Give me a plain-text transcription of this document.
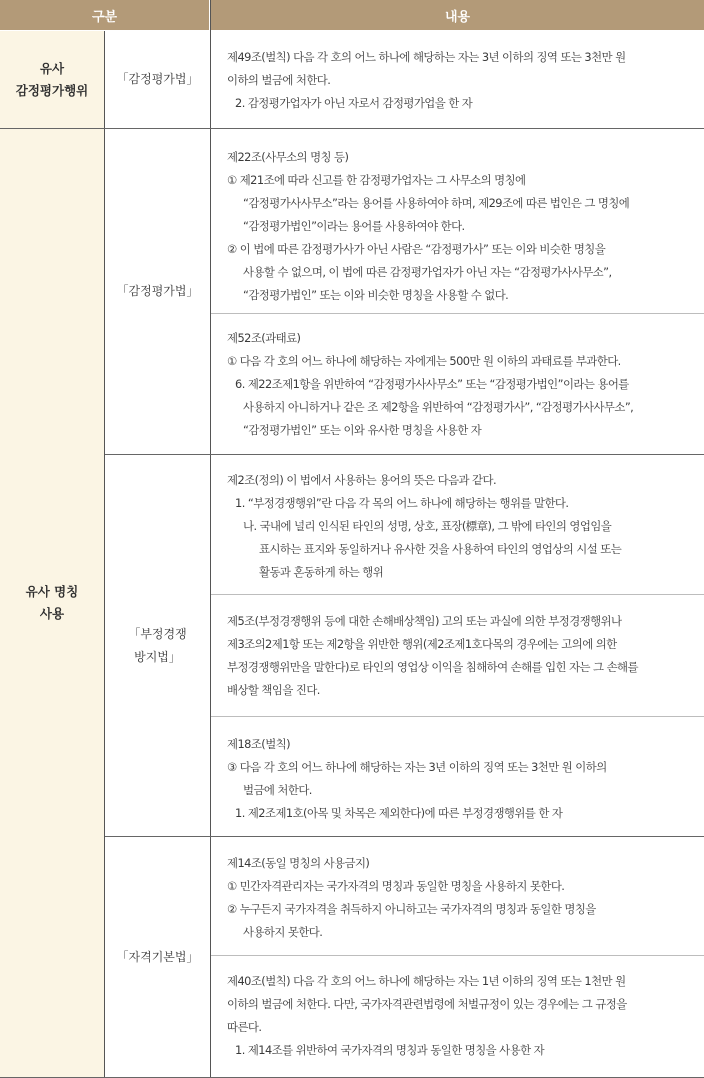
구분	내용
유사
감정평가행위
유사 명칭
사용
「감정평가법」
「감정평가법」
「부정경쟁
방지법」
「자격기본법」
제49조(벌칙) 다음 각 호의 어느 하나에 해당하는 자는 3년 이하의 징역 또는 3천만 원
이하의 벌금에 처한다.
2. 감정평가업자가 아닌 자로서 감정평가업을 한 자
제22조(사무소의 명칭 등)
① 제21조에 따라 신고를 한 감정평가업자는 그 사무소의 명칭에
“감정평가사사무소”라는 용어를 사용하여야 하며, 제29조에 따른 법인은 그 명칭에
“감정평가법인”이라는 용어를 사용하여야 한다.
② 이 법에 따른 감정평가사가 아닌 사람은 “감정평가사” 또는 이와 비슷한 명칭을
사용할 수 없으며, 이 법에 따른 감정평가업자가 아닌 자는 “감정평가사사무소”,
“감정평가법인” 또는 이와 비슷한 명칭을 사용할 수 없다.
제52조(과태료)
① 다음 각 호의 어느 하나에 해당하는 자에게는 500만 원 이하의 과태료를 부과한다.
6. 제22조제1항을 위반하여 “감정평가사사무소” 또는 “감정평가법인”이라는 용어를
사용하지 아니하거나 같은 조 제2항을 위반하여 “감정평가사”, “감정평가사사무소”,
“감정평가법인” 또는 이와 유사한 명칭을 사용한 자
제2조(정의) 이 법에서 사용하는 용어의 뜻은 다음과 같다.
1. “부정경쟁행위”란 다음 각 목의 어느 하나에 해당하는 행위를 말한다.
나. 국내에 널리 인식된 타인의 성명, 상호, 표장(標章), 그 밖에 타인의 영업임을
표시하는 표지와 동일하거나 유사한 것을 사용하여 타인의 영업상의 시설 또는
활동과 혼동하게 하는 행위
제5조(부정경쟁행위 등에 대한 손해배상책임) 고의 또는 과실에 의한 부정경쟁행위나
제3조의2제1항 또는 제2항을 위반한 행위(제2조제1호다목의 경우에는 고의에 의한
부정경쟁행위만을 말한다)로 타인의 영업상 이익을 침해하여 손해를 입힌 자는 그 손해를
배상할 책임을 진다.
제18조(벌칙)
③ 다음 각 호의 어느 하나에 해당하는 자는 3년 이하의 징역 또는 3천만 원 이하의
벌금에 처한다.
1. 제2조제1호(아목 및 차목은 제외한다)에 따른 부정경쟁행위를 한 자
제14조(동일 명칭의 사용금지)
① 민간자격관리자는 국가자격의 명칭과 동일한 명칭을 사용하지 못한다.
② 누구든지 국가자격을 취득하지 아니하고는 국가자격의 명칭과 동일한 명칭을
사용하지 못한다.
제40조(벌칙) 다음 각 호의 어느 하나에 해당하는 자는 1년 이하의 징역 또는 1천만 원
이하의 벌금에 처한다. 다만, 국가자격관련법령에 처벌규정이 있는 경우에는 그 규정을
따른다.
1. 제14조를 위반하여 국가자격의 명칭과 동일한 명칭을 사용한 자
